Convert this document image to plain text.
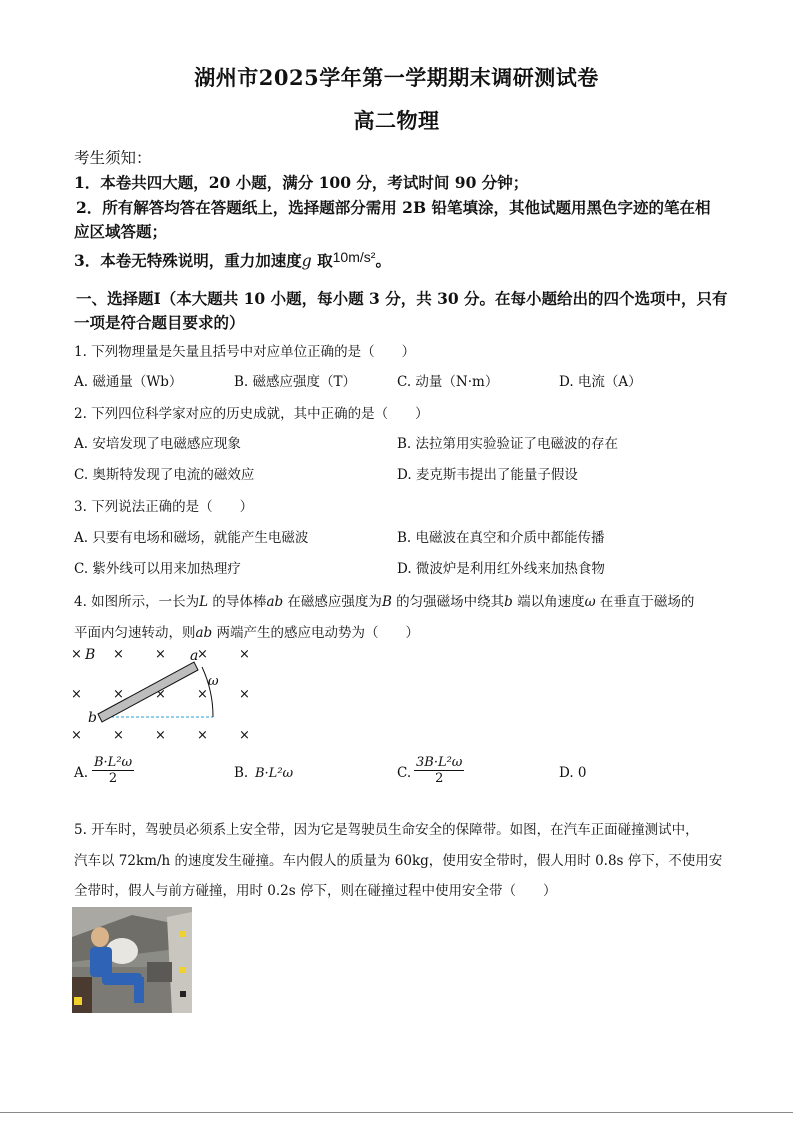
湖州市2025学年第一学期期末调研测试卷
高二物理
考生须知：
1．本卷共四大题，20 小题，满分 100 分，考试时间 90 分钟；
2．所有解答均答在答题纸上，选择题部分需用 2B 铅笔填涂，其他试题用黑色字迹的笔在相
应区域答题；
3．本卷无特殊说明，重力加速度g 取10m/s²。
一、选择题Ⅰ（本大题共 10 小题，每小题 3 分，共 30 分。在每小题给出的四个选项中，只有
一项是符合题目要求的）
1. 下列物理量是矢量且括号中对应单位正确的是（　　）
A. 磁通量（Wb）	B. 磁感应强度（T）	C. 动量（N·m）	D. 电流（A）
2. 下列四位科学家对应的历史成就，其中正确的是（　　）
A. 安培发现了电磁感应现象	B. 法拉第用实验验证了电磁波的存在
C. 奥斯特发现了电流的磁效应	D. 麦克斯韦提出了能量子假设
3. 下列说法正确的是（　　）
A. 只要有电场和磁场，就能产生电磁波	B. 电磁波在真空和介质中都能传播
C. 紫外线可以用来加热理疗	D. 微波炉是利用红外线来加热食物
4. 如图所示，一长为L 的导体棒ab 在磁感应强度为B 的匀强磁场中绕其b 端以角速度ω 在垂直于磁场的
平面内匀速转动，则ab 两端产生的感应电动势为（　　）
× × × × ×
× × × × ×
× × × × ×
B	a
b
ω
A. $\frac{\text{B·L²ω}}{2}$	B. B·L²ω	C. $\frac{\text{3B·L²ω}}{2}$	D. 0
5. 开车时，驾驶员必须系上安全带，因为它是驾驶员生命安全的保障带。如图，在汽车正面碰撞测试中，
汽车以 72km/h 的速度发生碰撞。车内假人的质量为 60kg，使用安全带时，假人用时 0.8s 停下，不使用安
全带时，假人与前方碰撞，用时 0.2s 停下，则在碰撞过程中使用安全带（　　）
